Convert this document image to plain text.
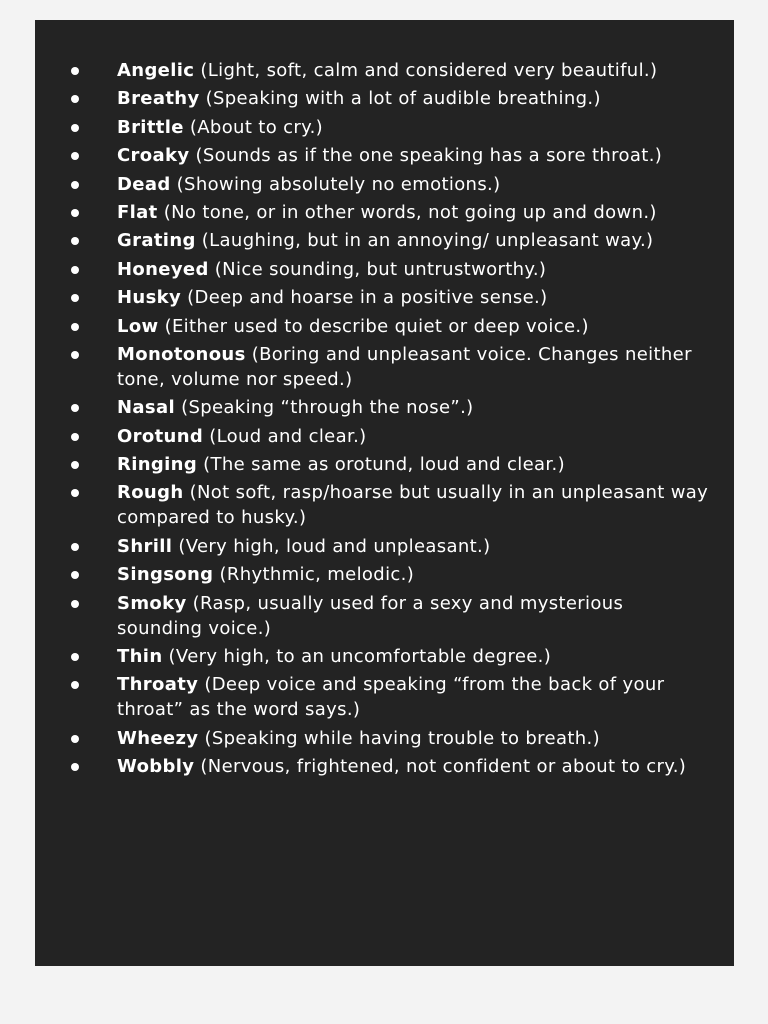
Angelic (Light, soft, calm and considered very beautiful.)
Breathy (Speaking with a lot of audible breathing.)
Brittle (About to cry.)
Croaky (Sounds as if the one speaking has a sore throat.)
Dead (Showing absolutely no emotions.)
Flat (No tone, or in other words, not going up and down.)
Grating (Laughing, but in an annoying/ unpleasant way.)
Honeyed (Nice sounding, but untrustworthy.)
Husky (Deep and hoarse in a positive sense.)
Low (Either used to describe quiet or deep voice.)
Monotonous (Boring and unpleasant voice. Changes neither tone, volume nor speed.)
Nasal (Speaking “through the nose”.)
Orotund (Loud and clear.)
Ringing (The same as orotund, loud and clear.)
Rough (Not soft, rasp/hoarse but usually in an unpleasant way compared to husky.)
Shrill (Very high, loud and unpleasant.)
Singsong (Rhythmic, melodic.)
Smoky (Rasp, usually used for a sexy and mysterious sounding voice.)
Thin (Very high, to an uncomfortable degree.)
Throaty (Deep voice and speaking “from the back of your throat” as the word says.)
Wheezy (Speaking while having trouble to breath.)
Wobbly (Nervous, frightened, not confident or about to cry.)
